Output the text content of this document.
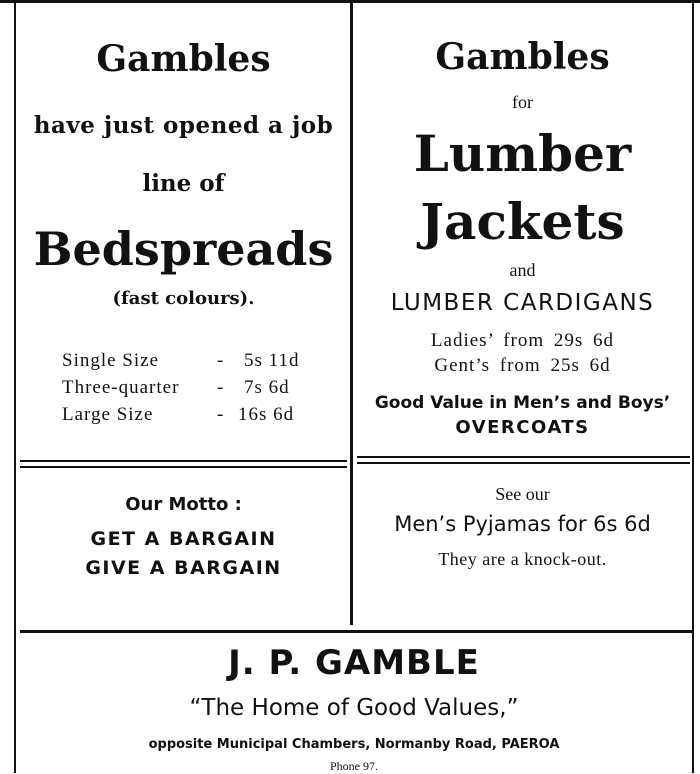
Gambles
have just opened a job
line of
Bedspreads
(fast colours).
Single Size	- 5s 11d
Three-quarter - 7s 6d
Large Size	- 16s 6d
Gambles
for
Lumber
Jackets
and
LUMBER CARDIGANS
Ladies’ from 29s 6d
Gent’s from 25s 6d
Good Value in Men’s and Boys’
OVERCOATS
Our Motto :
GET A BARGAIN
GIVE A BARGAIN
See our
Men’s Pyjamas for 6s 6d
They are a knock-out.
J. P. GAMBLE
“The Home of Good Values,”
opposite Municipal Chambers, Normanby Road, PAEROA
Phone 97.
